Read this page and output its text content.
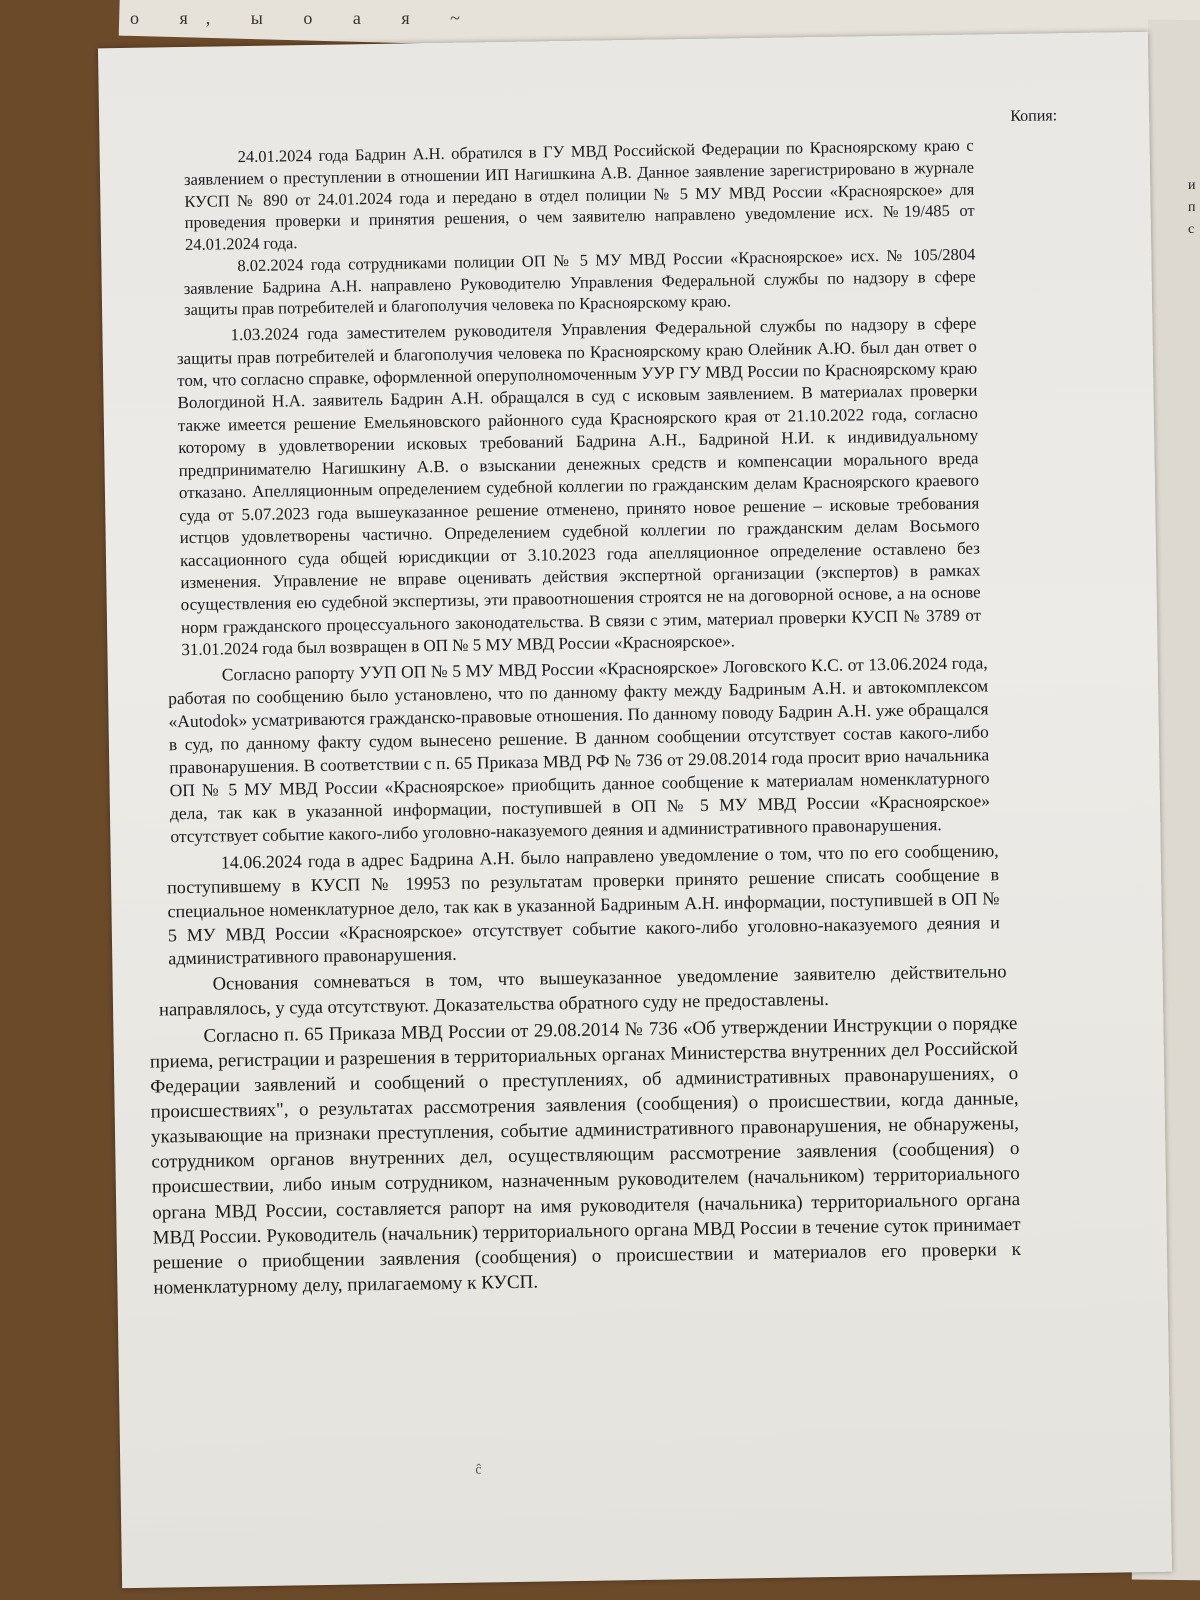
о я, ы о а я ~
и п с
Копия:

24.01.2024 года Бадрин А.Н. обратился в ГУ МВД Российской Федерации по Красноярскому краю с заявлением о преступлении в отношении ИП Нагишкина А.В. Данное заявление зарегистрировано в журнале КУСП № 890 от 24.01.2024 года и передано в отдел полиции № 5 МУ МВД России «Красноярское» для проведения проверки и принятия решения, о чем заявителю направлено уведомление исх. №19/485 от 24.01.2024 года.

8.02.2024 года сотрудниками полиции ОП № 5 МУ МВД России «Красноярское» исх. № 105/2804 заявление Бадрина А.Н. направлено Руководителю Управления Федеральной службы по надзору в сфере защиты прав потребителей и благополучия человека по Красноярскому краю.

1.03.2024 года заместителем руководителя Управления Федеральной службы по надзору в сфере защиты прав потребителей и благополучия человека по Красноярскому краю Олейник А.Ю. был дан ответ о том, что согласно справке, оформленной оперуполномоченным УУР ГУ МВД России по Красноярскому краю Вологдиной Н.А. заявитель Бадрин А.Н. обращался в суд с исковым заявлением. В материалах проверки также имеется решение Емельяновского районного суда Красноярского края от 21.10.2022 года, согласно которому в удовлетворении исковых требований Бадрина А.Н., Бадриной Н.И. к индивидуальному предпринимателю Нагишкину А.В. о взыскании денежных средств и компенсации морального вреда отказано. Апелляционным определением судебной коллегии по гражданским делам Красноярского краевого суда от 5.07.2023 года вышеуказанное решение отменено, принято новое решение – исковые требования истцов удовлетворены частично. Определением судебной коллегии по гражданским делам Восьмого кассационного суда общей юрисдикции от 3.10.2023 года апелляционное определение оставлено без изменения. Управление не вправе оценивать действия экспертной организации (экспертов) в рамках осуществления ею судебной экспертизы, эти правоотношения строятся не на договорной основе, а на основе норм гражданского процессуального законодательства. В связи с этим, материал проверки КУСП № 3789 от 31.01.2024 года был возвращен в ОП № 5 МУ МВД России «Красноярское».

Согласно рапорту УУП ОП № 5 МУ МВД России «Красноярское» Логовского К.С. от 13.06.2024 года, работая по сообщению было установлено, что по данному факту между Бадриным А.Н. и автокомплексом «Autodok» усматриваются гражданско-правовые отношения. По данному поводу Бадрин А.Н. уже обращался в суд, по данному факту судом вынесено решение. В данном сообщении отсутствует состав какого-либо правонарушения. В соответствии с п. 65 Приказа МВД РФ № 736 от 29.08.2014 года просит врио начальника ОП № 5 МУ МВД России «Красноярское» приобщить данное сообщение к материалам номенклатурного дела, так как в указанной информации, поступившей в ОП № 5 МУ МВД России «Красноярское» отсутствует событие какого-либо уголовно-наказуемого деяния и административного правонарушения.

14.06.2024 года в адрес Бадрина А.Н. было направлено уведомление о том, что по его сообщению, поступившему в КУСП № 19953 по результатам проверки принято решение списать сообщение в специальное номенклатурное дело, так как в указанной Бадриным А.Н. информации, поступившей в ОП № 5 МУ МВД России «Красноярское» отсутствует событие какого-либо уголовно-наказуемого деяния и административного правонарушения.

Основания сомневаться в том, что вышеуказанное уведомление заявителю действительно направлялось, у суда отсутствуют. Доказательства обратного суду не предоставлены.

Согласно п. 65 Приказа МВД России от 29.08.2014 № 736 «Об утверждении Инструкции о порядке приема, регистрации и разрешения в территориальных органах Министерства внутренних дел Российской Федерации заявлений и сообщений о преступлениях, об административных правонарушениях, о происшествиях", о результатах рассмотрения заявления (сообщения) о происшествии, когда данные, указывающие на признаки преступления, событие административного правонарушения, не обнаружены, сотрудником органов внутренних дел, осуществляющим рассмотрение заявления (сообщения) о происшествии, либо иным сотрудником, назначенным руководителем (начальником) территориального органа МВД России, составляется рапорт на имя руководителя (начальника) территориального органа МВД России. Руководитель (начальник) территориального органа МВД России в течение суток принимает решение о приобщении заявления (сообщения) о происшествии и материалов его проверки к номенклатурному делу, прилагаемому к КУСП.

ĉ
